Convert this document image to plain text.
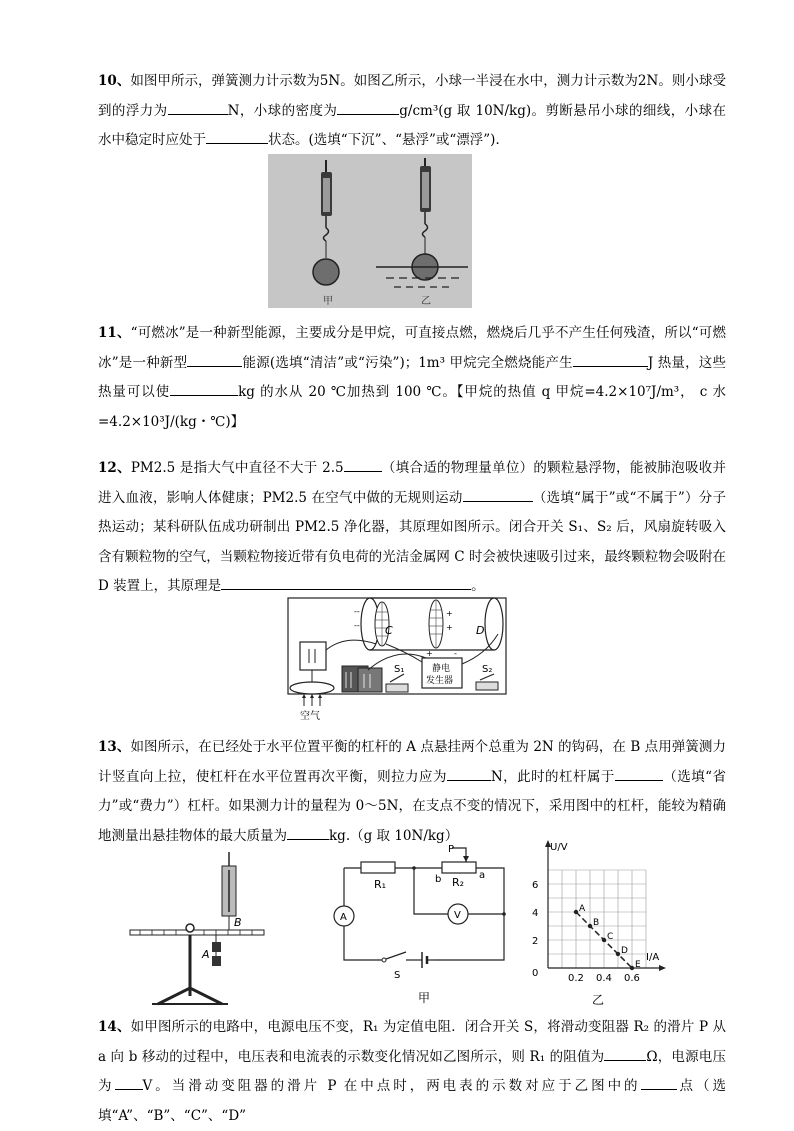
10、如图甲所示，弹簧测力计示数为5N。如图乙所示，小球一半浸在水中，测力计示数为2N。则小球受到的浮力为	N，小球的密度为	g/cm³(g 取 10N/kg)。剪断悬吊小球的细线，小球在水中稳定时应处于	状态。(选填“下沉”、“悬浮”或“漂浮”)．
甲	乙
11、“可燃冰”是一种新型能源，主要成分是甲烷，可直接点燃，燃烧后几乎不产生任何残渣，所以“可燃冰”是一种新型	能源(选填“清洁”或“污染”)；1m³ 甲烷完全燃烧能产生	J 热量，这些热量可以使	kg 的水从 20 ℃加热到 100 ℃。【甲烷的热值 q 甲烷=4.2×10⁷J/m³， c 水=4.2×10³J/(kg・℃)】
12、PM2.5 是指大气中直径不大于 2.5	（填合适的物理量单位）的颗粒悬浮物，能被肺泡吸收并进入血液，影响人体健康；PM2.5 在空气中做的无规则运动	（选填“属于”或“不属于”）分子热运动；某科研队伍成功研制出 PM2.5 净化器，其原理如图所示。闭合开关 S₁、S₂ 后，风扇旋转吸入含有颗粒物的空气，当颗粒物接近带有负电荷的光洁金属网 C 时会被快速吸引过来，最终颗粒物会吸附在 D 装置上，其原理是	。
--
--
+
+
C	D
S₁	静电
发生器
+	-
S₂
空气
13、如图所示，在已经处于水平位置平衡的杠杆的 A 点悬挂两个总重为 2N 的钩码，在 B 点用弹簧测力计竖直向上拉，使杠杆在水平位置再次平衡，则拉力应为	N，此时的杠杆属于	（选填“省力”或“费力”）杠杆。如果测力计的量程为 0～5N，在支点不变的情况下，采用图中的杠杆，能较为精确地测量出悬挂物体的最大质量为	kg.（g 取 10N/kg）
B
A
P
R₁	R₂
b	a
A	V
S
甲
U/V
I/A
0
2
4
6
0.2 0.4 0.6
A
B
C
D
E
乙
14、如甲图所示的电路中，电源电压不变，R₁ 为定值电阻．闭合开关 S，将滑动变阻器 R₂ 的滑片 P 从 a 向 b 移动的过程中，电压表和电流表的示数变化情况如乙图所示，则 R₁ 的阻值为	Ω，电源电压为 V。当滑动变阻器的滑片 P 在中点时，两电表的示数对应于乙图中的	点（选填“A”、“B”、“C”、“D”
